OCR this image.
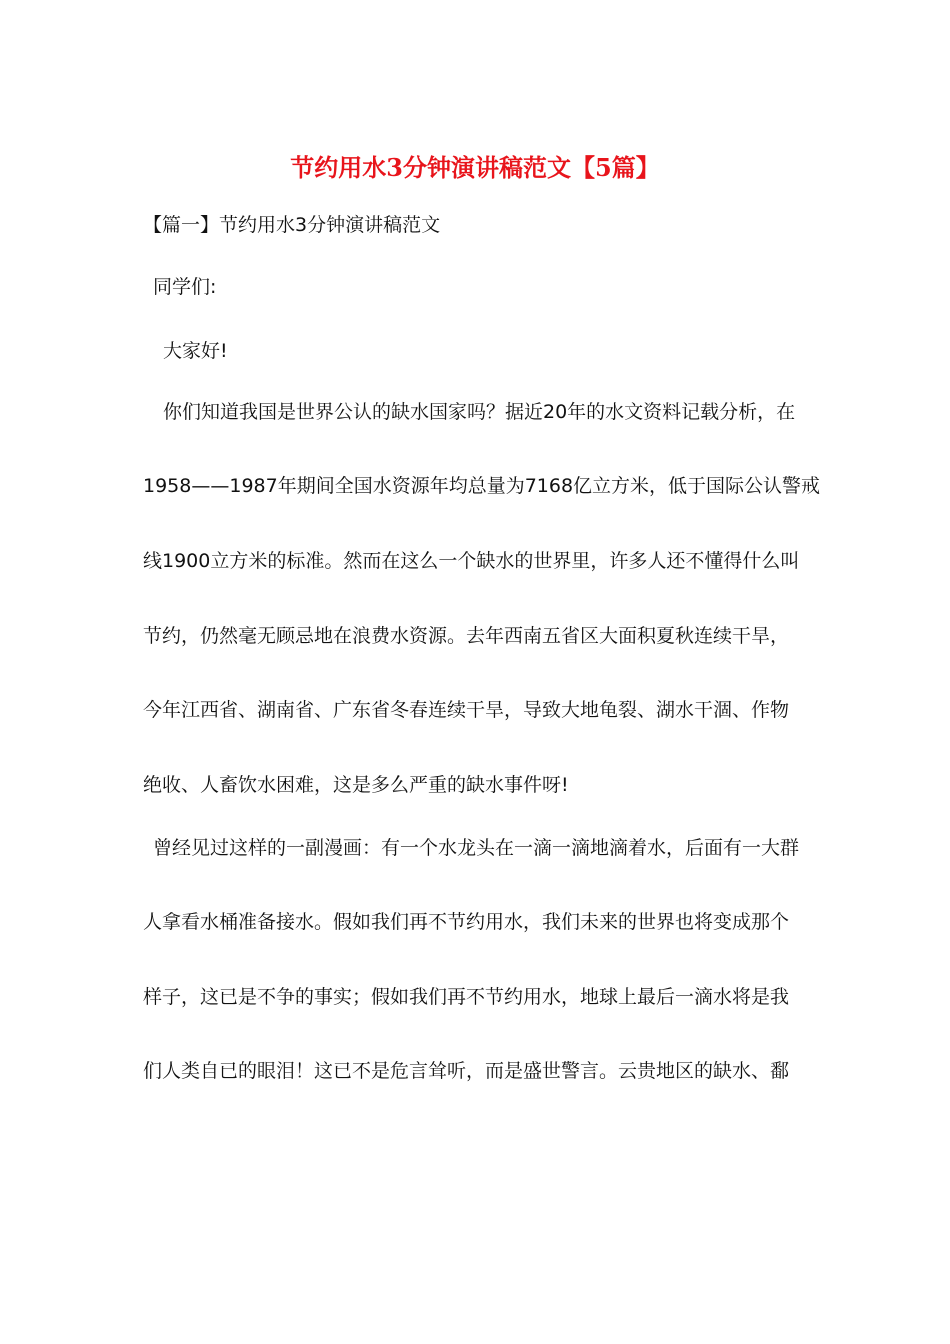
节约用水3分钟演讲稿范文【5篇】

【篇一】节约用水3分钟演讲稿范文

同学们:

大家好!

你们知道我国是世界公认的缺水国家吗？据近20年的水文资料记载分析，在

1958——1987年期间全国水资源年均总量为7168亿立方米，低于国际公认警戒

线1900立方米的标准。然而在这么一个缺水的世界里，许多人还不懂得什么叫

节约，仍然毫无顾忌地在浪费水资源。去年西南五省区大面积夏秋连续干旱，

今年江西省、湖南省、广东省冬春连续干旱，导致大地龟裂、湖水干涸、作物

绝收、人畜饮水困难，这是多么严重的缺水事件呀!

曾经见过这样的一副漫画：有一个水龙头在一滴一滴地滴着水，后面有一大群

人拿看水桶准备接水。假如我们再不节约用水，我们未来的世界也将变成那个

样子，这已是不争的事实；假如我们再不节约用水，地球上最后一滴水将是我

们人类自已的眼泪！这已不是危言耸听，而是盛世警言。云贵地区的缺水、鄱
